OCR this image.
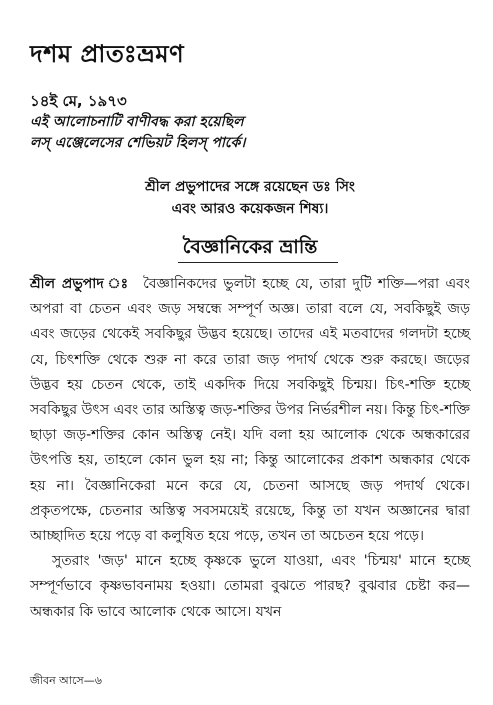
দশম প্রাতঃভ্রমণ
১৪ই মে, ১৯৭৩
এই আলোচনাটি বাণীবদ্ধ করা হয়েছিল
লস্ এঞ্জেলেসের শেভিয়ট হিলস্ পার্কে।
শ্রীল প্রভুপাদের সঙ্গে রয়েছেন ডঃ সিং
এবং আরও কয়েকজন শিষ্য।
বৈজ্ঞানিকের ভ্রান্তি

শ্রীল প্রভুপাদ ঃ বৈজ্ঞানিকদের ভুলটা হচ্ছে যে, তারা দুটি শক্তি—পরা এবং অপরা বা চেতন এবং জড় সম্বন্ধে সম্পূর্ণ অজ্ঞ। তারা বলে যে, সবকিছুই জড় এবং জড়ের থেকেই সবকিছুর উদ্ভব হয়েছে। তাদের এই মতবাদের গলদটা হচ্ছে যে, চিৎশক্তি থেকে শুরু না করে তারা জড় পদার্থ থেকে শুরু করছে। জড়ের উদ্ভব হয় চেতন থেকে, তাই একদিক দিয়ে সবকিছুই চিন্ময়। চিৎ-শক্তি হচ্ছে সবকিছুর উৎস এবং তার অস্তিত্ব জড়-শক্তির উপর নির্ভরশীল নয়। কিন্তু চিৎ-শক্তি ছাড়া জড়-শক্তির কোন অস্তিত্ব নেই। যদি বলা হয় আলোক থেকে অন্ধকারের উৎপত্তি হয়, তাহলে কোন ভুল হয় না; কিন্তু আলোকের প্রকাশ অন্ধকার থেকে হয় না। বৈজ্ঞানিকেরা মনে করে যে, চেতনা আসছে জড় পদার্থ থেকে। প্রকৃতপক্ষে, চেতনার অস্তিত্ব সবসময়েই রয়েছে, কিন্তু তা যখন অজ্ঞানের দ্বারা আচ্ছাদিত হয়ে পড়ে বা কলুষিত হয়ে পড়ে, তখন তা অচেতন হয়ে পড়ে।

সুতরাং 'জড়' মানে হচ্ছে কৃষ্ণকে ভুলে যাওয়া, এবং 'চিন্ময়' মানে হচ্ছে সম্পূর্ণভাবে কৃষ্ণভাবনাময় হওয়া। তোমরা বুঝতে পারছ? বুঝবার চেষ্টা কর—অন্ধকার কি ভাবে আলোক থেকে আসে। যখন

জীবন আসে—৬
